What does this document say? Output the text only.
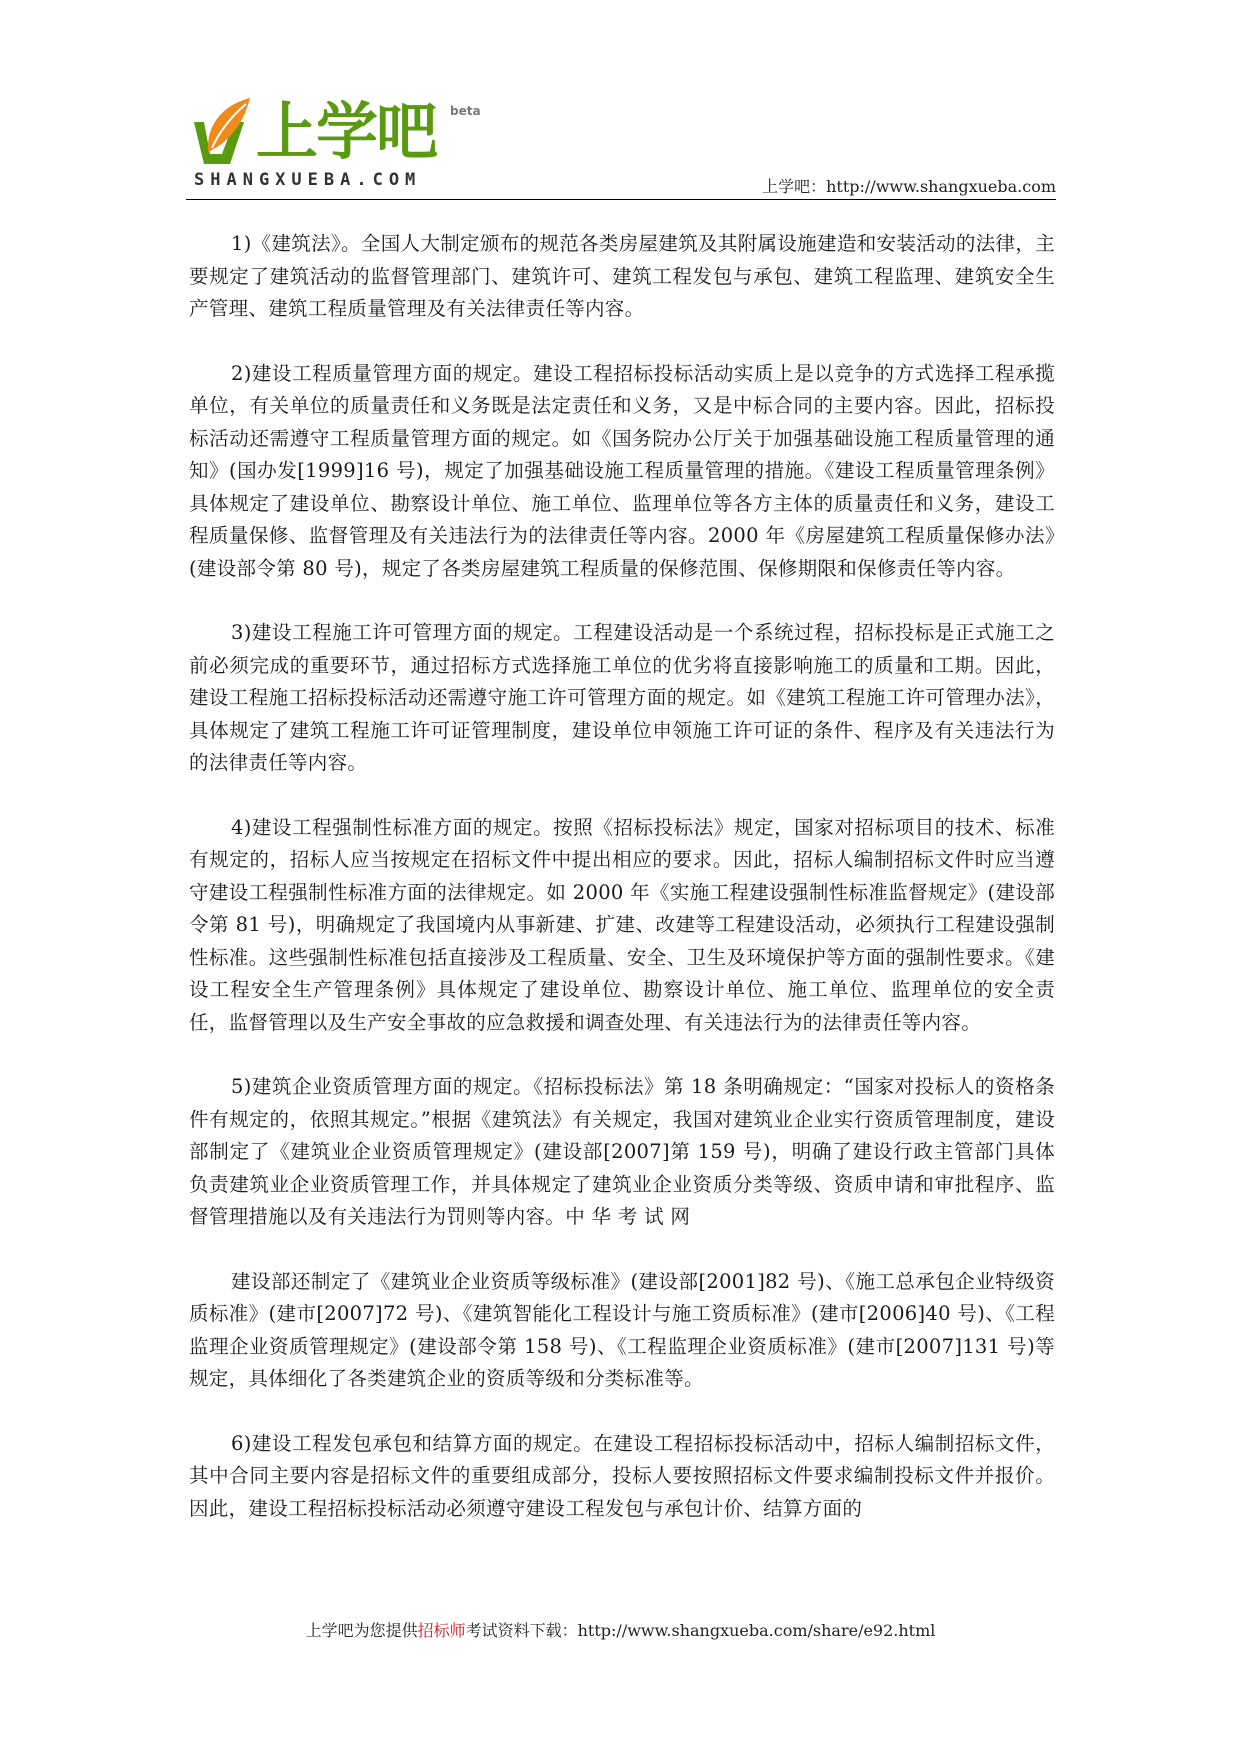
上学吧 beta
SHANGXUEBA.COM	上学吧：http://www.shangxueba.com

1)《建筑法》。全国人大制定颁布的规范各类房屋建筑及其附属设施建造和安装活动的法律，主要规定了建筑活动的监督管理部门、建筑许可、建筑工程发包与承包、建筑工程监理、建筑安全生产管理、建筑工程质量管理及有关法律责任等内容。

2)建设工程质量管理方面的规定。建设工程招标投标活动实质上是以竞争的方式选择工程承揽单位，有关单位的质量责任和义务既是法定责任和义务，又是中标合同的主要内容。因此，招标投标活动还需遵守工程质量管理方面的规定。如《国务院办公厅关于加强基础设施工程质量管理的通知》(国办发[1999]16 号)，规定了加强基础设施工程质量管理的措施。《建设工程质量管理条例》具体规定了建设单位、勘察设计单位、施工单位、监理单位等各方主体的质量责任和义务，建设工程质量保修、监督管理及有关违法行为的法律责任等内容。2000 年《房屋建筑工程质量保修办法》(建设部令第 80 号)，规定了各类房屋建筑工程质量的保修范围、保修期限和保修责任等内容。

3)建设工程施工许可管理方面的规定。工程建设活动是一个系统过程，招标投标是正式施工之前必须完成的重要环节，通过招标方式选择施工单位的优劣将直接影响施工的质量和工期。因此，建设工程施工招标投标活动还需遵守施工许可管理方面的规定。如《建筑工程施工许可管理办法》，具体规定了建筑工程施工许可证管理制度，建设单位申领施工许可证的条件、程序及有关违法行为的法律责任等内容。

4)建设工程强制性标准方面的规定。按照《招标投标法》规定，国家对招标项目的技术、标准有规定的，招标人应当按规定在招标文件中提出相应的要求。因此，招标人编制招标文件时应当遵守建设工程强制性标准方面的法律规定。如 2000 年《实施工程建设强制性标准监督规定》(建设部令第 81 号)，明确规定了我国境内从事新建、扩建、改建等工程建设活动，必须执行工程建设强制性标准。这些强制性标准包括直接涉及工程质量、安全、卫生及环境保护等方面的强制性要求。《建设工程安全生产管理条例》具体规定了建设单位、勘察设计单位、施工单位、监理单位的安全责任，监督管理以及生产安全事故的应急救援和调查处理、有关违法行为的法律责任等内容。

5)建筑企业资质管理方面的规定。《招标投标法》第 18 条明确规定：“国家对投标人的资格条件有规定的，依照其规定。”根据《建筑法》有关规定，我国对建筑业企业实行资质管理制度，建设部制定了《建筑业企业资质管理规定》(建设部[2007]第 159 号)，明确了建设行政主管部门具体负责建筑业企业资质管理工作，并具体规定了建筑业企业资质分类等级、资质申请和审批程序、监督管理措施以及有关违法行为罚则等内容。中 华 考 试 网

建设部还制定了《建筑业企业资质等级标准》(建设部[2001]82 号)、《施工总承包企业特级资质标准》(建市[2007]72 号)、《建筑智能化工程设计与施工资质标准》(建市[2006]40 号)、《工程监理企业资质管理规定》(建设部令第 158 号)、《工程监理企业资质标准》(建市[2007]131 号)等规定，具体细化了各类建筑企业的资质等级和分类标准等。

6)建设工程发包承包和结算方面的规定。在建设工程招标投标活动中，招标人编制招标文件，其中合同主要内容是招标文件的重要组成部分，投标人要按照招标文件要求编制投标文件并报价。因此，建设工程招标投标活动必须遵守建设工程发包与承包计价、结算方面的

上学吧为您提供招标师考试资料下载：http://www.shangxueba.com/share/e92.html
